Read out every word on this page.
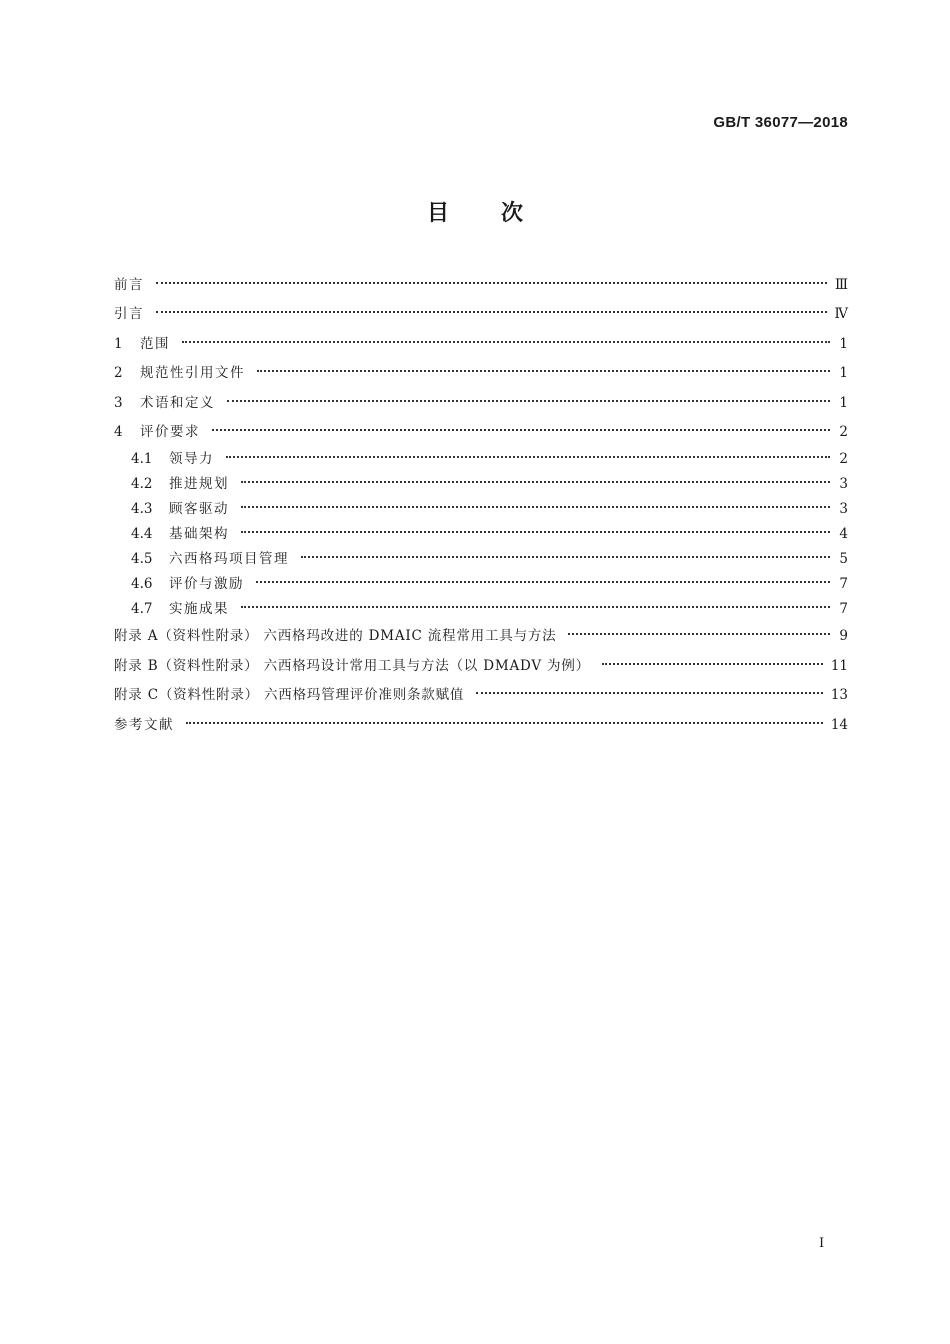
GB/T 36077—2018
目 次
前言	Ⅲ
引言	Ⅳ
1	范围	1
2	规范性引用文件	1
3	术语和定义	1
4	评价要求	2
4.1	领导力	2
4.2	推进规划	3
4.3	顾客驱动	3
4.4	基础架构	4
4.5	六西格玛项目管理	5
4.6	评价与激励	7
4.7	实施成果	7
附录 A（资料性附录） 六西格玛改进的 DMAIC 流程常用工具与方法	9
附录 B（资料性附录） 六西格玛设计常用工具与方法（以 DMADV 为例）	11
附录 C（资料性附录） 六西格玛管理评价准则条款赋值	13
参考文献	14
Ⅰ
